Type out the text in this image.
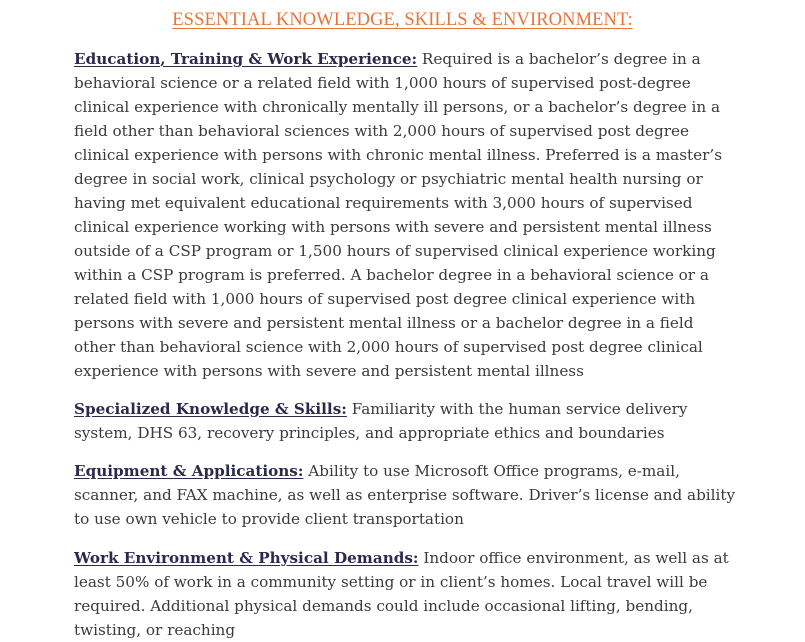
ESSENTIAL KNOWLEDGE, SKILLS & ENVIRONMENT:

Education, Training & Work Experience: Required is a bachelor’s degree in a behavioral science or a related field with 1,000 hours of supervised post-degree clinical experience with chronically mentally ill persons, or a bachelor’s degree in a field other than behavioral sciences with 2,000 hours of supervised post degree clinical experience with persons with chronic mental illness. Preferred is a master’s degree in social work, clinical psychology or psychiatric mental health nursing or having met equivalent educational requirements with 3,000 hours of supervised clinical experience working with persons with severe and persistent mental illness outside of a CSP program or 1,500 hours of supervised clinical experience working within a CSP program is preferred. A bachelor degree in a behavioral science or a related field with 1,000 hours of supervised post degree clinical experience with persons with severe and persistent mental illness or a bachelor degree in a field other than behavioral science with 2,000 hours of supervised post degree clinical experience with persons with severe and persistent mental illness

Specialized Knowledge & Skills: Familiarity with the human service delivery system, DHS 63, recovery principles, and appropriate ethics and boundaries

Equipment & Applications: Ability to use Microsoft Office programs, e-mail, scanner, and FAX machine, as well as enterprise software. Driver’s license and ability to use own vehicle to provide client transportation

Work Environment & Physical Demands: Indoor office environment, as well as at least 50% of work in a community setting or in client’s homes. Local travel will be required. Additional physical demands could include occasional lifting, bending, twisting, or reaching
